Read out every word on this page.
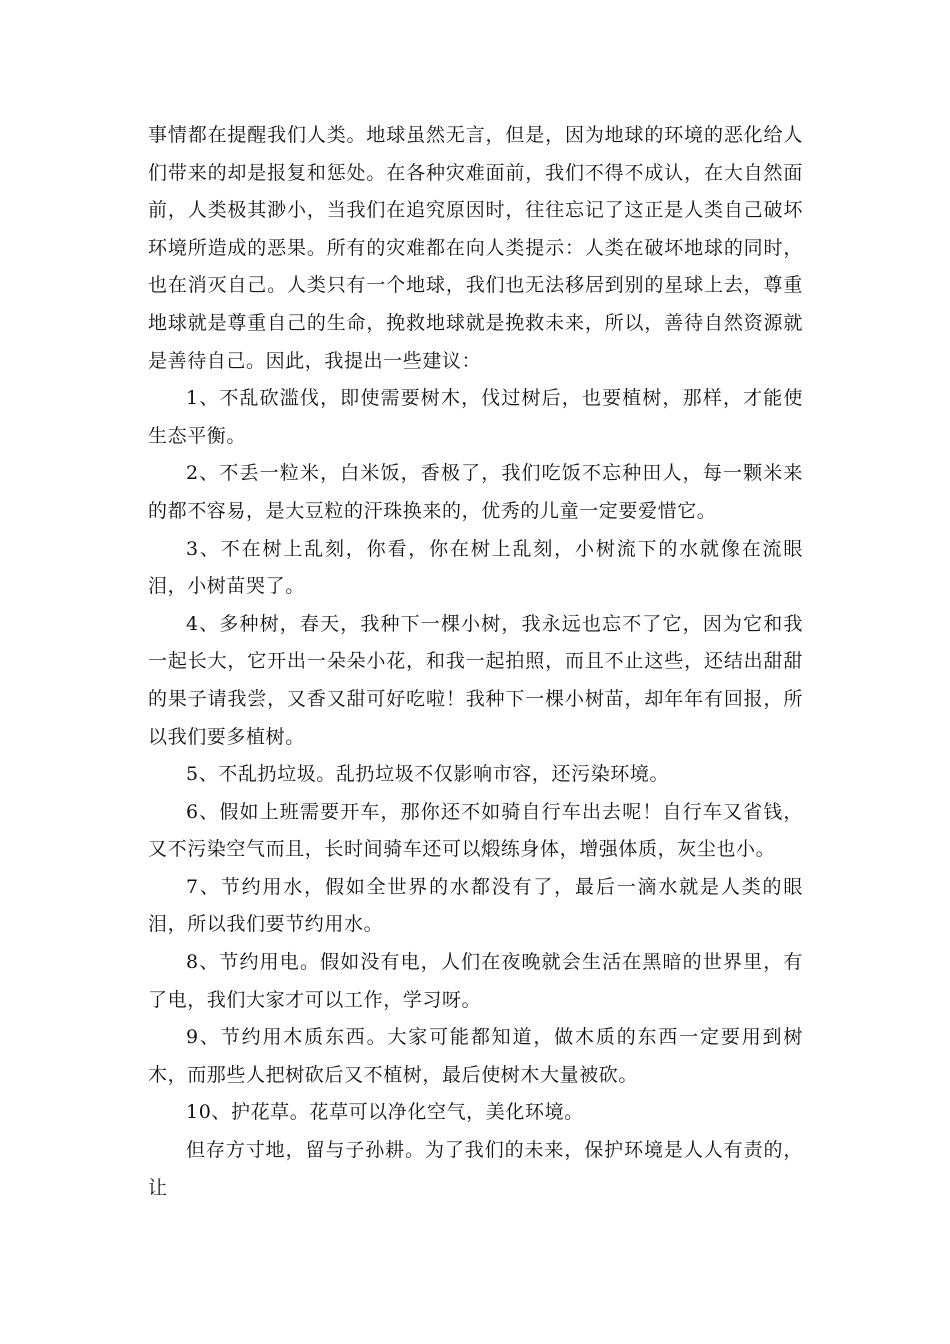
事情都在提醒我们人类。地球虽然无言，但是，因为地球的环境的恶化给人们带来的却是报复和惩处。在各种灾难面前，我们不得不成认，在大自然面前，人类极其渺小，当我们在追究原因时，往往忘记了这正是人类自己破坏环境所造成的恶果。所有的灾难都在向人类提示：人类在破坏地球的同时，也在消灭自己。人类只有一个地球，我们也无法移居到别的星球上去，尊重地球就是尊重自己的生命，挽救地球就是挽救未来，所以，善待自然资源就是善待自己。因此，我提出一些建议：

1、不乱砍滥伐，即使需要树木，伐过树后，也要植树，那样，才能使生态平衡。

2、不丢一粒米，白米饭，香极了，我们吃饭不忘种田人，每一颗米来的都不容易，是大豆粒的汗珠换来的，优秀的儿童一定要爱惜它。

3、不在树上乱刻，你看，你在树上乱刻，小树流下的水就像在流眼泪，小树苗哭了。

4、多种树，春天，我种下一棵小树，我永远也忘不了它，因为它和我一起长大，它开出一朵朵小花，和我一起拍照，而且不止这些，还结出甜甜的果子请我尝，又香又甜可好吃啦！我种下一棵小树苗，却年年有回报，所以我们要多植树。

5、不乱扔垃圾。乱扔垃圾不仅影响市容，还污染环境。

6、假如上班需要开车，那你还不如骑自行车出去呢！自行车又省钱，又不污染空气而且，长时间骑车还可以煅练身体，增强体质，灰尘也小。

7、节约用水，假如全世界的水都没有了，最后一滴水就是人类的眼泪，所以我们要节约用水。

8、节约用电。假如没有电，人们在夜晚就会生活在黑暗的世界里，有了电，我们大家才可以工作，学习呀。

9、节约用木质东西。大家可能都知道，做木质的东西一定要用到树木，而那些人把树砍后又不植树，最后使树木大量被砍。

10、护花草。花草可以净化空气，美化环境。

但存方寸地，留与子孙耕。为了我们的未来，保护环境是人人有责的，让
